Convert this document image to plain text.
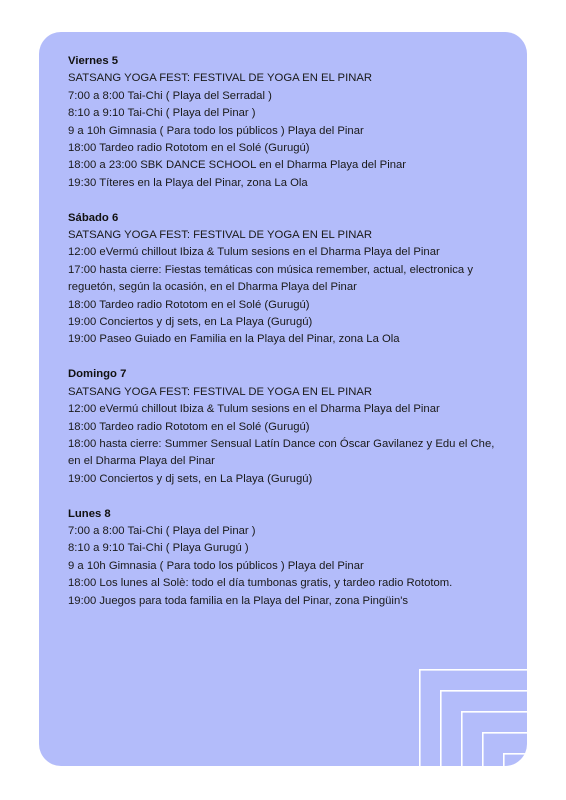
Viernes 5
SATSANG YOGA FEST: FESTIVAL DE YOGA EN EL PINAR
7:00 a 8:00 Tai-Chi ( Playa del Serradal )
8:10 a 9:10 Tai-Chi ( Playa del Pinar )
9 a 10h Gimnasia ( Para todo los públicos ) Playa del Pinar
18:00 Tardeo radio Rototom en el Solé (Gurugú)
18:00 a 23:00 SBK DANCE SCHOOL en el Dharma Playa del Pinar
19:30 Títeres en la Playa del Pinar, zona La Ola
Sábado 6
SATSANG YOGA FEST: FESTIVAL DE YOGA EN EL PINAR
12:00 eVermú chillout Ibiza & Tulum sesions en el Dharma Playa del Pinar
17:00 hasta cierre: Fiestas temáticas con música remember, actual, electronica y reguetón, según la ocasión, en el Dharma Playa del Pinar
18:00 Tardeo radio Rototom en el Solé (Gurugú)
19:00 Conciertos y dj sets, en La Playa (Gurugú)
19:00 Paseo Guiado en Familia en la Playa del Pinar, zona La Ola
Domingo 7
SATSANG YOGA FEST: FESTIVAL DE YOGA EN EL PINAR
12:00 eVermú chillout Ibiza & Tulum sesions en el Dharma Playa del Pinar
18:00 Tardeo radio Rototom en el Solé (Gurugú)
18:00 hasta cierre: Summer Sensual Latín Dance con Óscar Gavilanez y Edu el Che, en el Dharma Playa del Pinar
19:00 Conciertos y dj sets, en La Playa (Gurugú)
Lunes 8
7:00 a 8:00 Tai-Chi ( Playa del Pinar )
8:10 a 9:10 Tai-Chi ( Playa Gurugú )
9 a 10h Gimnasia ( Para todo los públicos ) Playa del Pinar
18:00 Los lunes al Solè: todo el día tumbonas gratis, y tardeo radio Rototom.
19:00 Juegos para toda familia en la Playa del Pinar, zona Pingüin's
